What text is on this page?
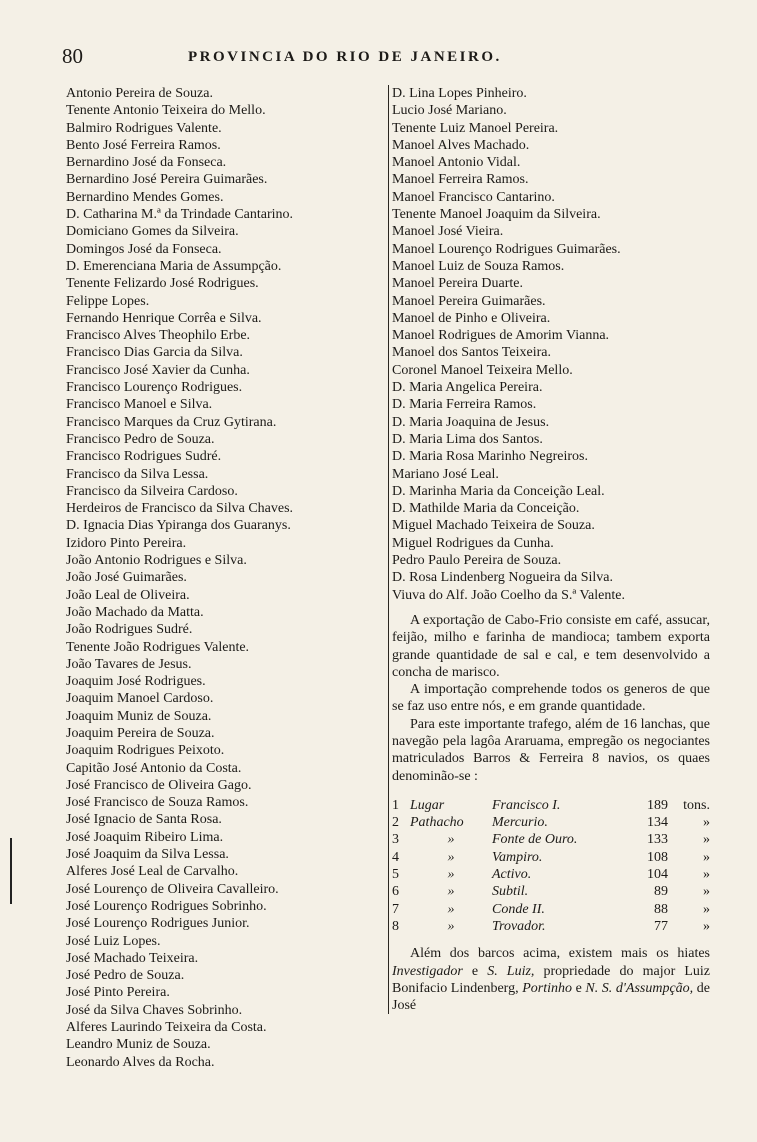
80	PROVINCIA DO RIO DE JANEIRO.
Antonio Pereira de Souza.
Tenente Antonio Teixeira do Mello.
Balmiro Rodrigues Valente.
Bento José Ferreira Ramos.
Bernardino José da Fonseca.
Bernardino José Pereira Guimarães.
Bernardino Mendes Gomes.
D. Catharina M.ª da Trindade Cantarino.
Domiciano Gomes da Silveira.
Domingos José da Fonseca.
D. Emerenciana Maria de Assumpção.
Tenente Felizardo José Rodrigues.
Felippe Lopes.
Fernando Henrique Corrêa e Silva.
Francisco Alves Theophilo Erbe.
Francisco Dias Garcia da Silva.
Francisco José Xavier da Cunha.
Francisco Lourenço Rodrigues.
Francisco Manoel e Silva.
Francisco Marques da Cruz Gytirana.
Francisco Pedro de Souza.
Francisco Rodrigues Sudré.
Francisco da Silva Lessa.
Francisco da Silveira Cardoso.
Herdeiros de Francisco da Silva Chaves.
D. Ignacia Dias Ypiranga dos Guaranys.
Izidoro Pinto Pereira.
João Antonio Rodrigues e Silva.
João José Guimarães.
João Leal de Oliveira.
João Machado da Matta.
João Rodrigues Sudré.
Tenente João Rodrigues Valente.
João Tavares de Jesus.
Joaquim José Rodrigues.
Joaquim Manoel Cardoso.
Joaquim Muniz de Souza.
Joaquim Pereira de Souza.
Joaquim Rodrigues Peixoto.
Capitão José Antonio da Costa.
José Francisco de Oliveira Gago.
José Francisco de Souza Ramos.
José Ignacio de Santa Rosa.
José Joaquim Ribeiro Lima.
José Joaquim da Silva Lessa.
Alferes José Leal de Carvalho.
José Lourenço de Oliveira Cavalleiro.
José Lourenço Rodrigues Sobrinho.
José Lourenço Rodrigues Junior.
José Luiz Lopes.
José Machado Teixeira.
José Pedro de Souza.
José Pinto Pereira.
José da Silva Chaves Sobrinho.
Alferes Laurindo Teixeira da Costa.
Leandro Muniz de Souza.
Leonardo Alves da Rocha.
D. Lina Lopes Pinheiro.
Lucio José Mariano.
Tenente Luiz Manoel Pereira.
Manoel Alves Machado.
Manoel Antonio Vidal.
Manoel Ferreira Ramos.
Manoel Francisco Cantarino.
Tenente Manoel Joaquim da Silveira.
Manoel José Vieira.
Manoel Lourenço Rodrigues Guimarães.
Manoel Luiz de Souza Ramos.
Manoel Pereira Duarte.
Manoel Pereira Guimarães.
Manoel de Pinho e Oliveira.
Manoel Rodrigues de Amorim Vianna.
Manoel dos Santos Teixeira.
Coronel Manoel Teixeira Mello.
D. Maria Angelica Pereira.
D. Maria Ferreira Ramos.
D. Maria Joaquina de Jesus.
D. Maria Lima dos Santos.
D. Maria Rosa Marinho Negreiros.
Mariano José Leal.
D. Marinha Maria da Conceição Leal.
D. Mathilde Maria da Conceição.
Miguel Machado Teixeira de Souza.
Miguel Rodrigues da Cunha.
Pedro Paulo Pereira de Souza.
D. Rosa Lindenberg Nogueira da Silva.
Viuva do Alf. João Coelho da S.ª Valente.

A exportação de Cabo-Frio consiste em café, assucar, feijão, milho e farinha de mandioca; tambem exporta grande quantidade de sal e cal, e tem desenvolvido a concha de marisco.

A importação comprehende todos os generos de que se faz uso entre nós, e em grande quantidade.

Para este importante trafego, além de 16 lanchas, que navegão pela lagôa Araruama, empregão os negociantes matriculados Barros & Ferreira 8 navios, os quaes denominão-se :

1	Lugar	Francisco I.	189	tons.
2	Pathacho	Mercurio.	134	»
3	»	Fonte de Ouro.	133	»
4	»	Vampiro.	108	»
5	»	Activo.	104	»
6	»	Subtil.	89	»
7	»	Conde II.	88	»
8	»	Trovador.	77	»

Além dos barcos acima, existem mais os hiates Investigador e S. Luiz, propriedade do major Luiz Bonifacio Lindenberg, Portinho e N. S. d'Assumpção, de José
